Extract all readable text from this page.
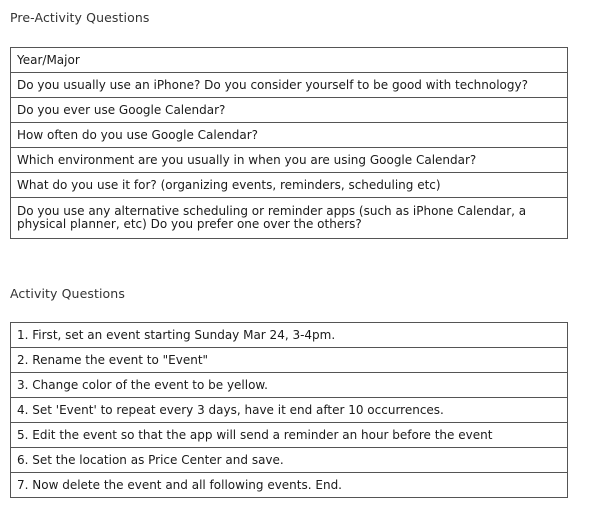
Pre-Activity Questions
Year/Major
Do you usually use an iPhone? Do you consider yourself to be good with technology?
Do you ever use Google Calendar?
How often do you use Google Calendar?
Which environment are you usually in when you are using Google Calendar?
What do you use it for? (organizing events, reminders, scheduling etc)
Do you use any alternative scheduling or reminder apps (such as iPhone Calendar, a physical planner, etc) Do you prefer one over the others?
Activity Questions
1. First, set an event starting Sunday Mar 24, 3-4pm.
2. Rename the event to "Event"
3. Change color of the event to be yellow.
4. Set 'Event' to repeat every 3 days, have it end after 10 occurrences.
5. Edit the event so that the app will send a reminder an hour before the event
6. Set the location as Price Center and save.
7. Now delete the event and all following events. End.
